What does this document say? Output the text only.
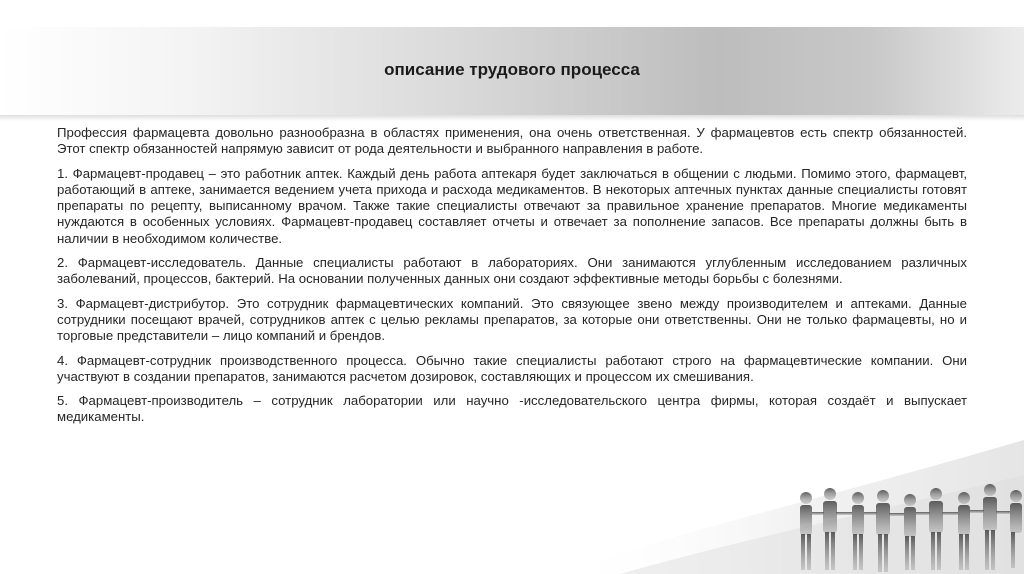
описание трудового процесса

Профессия фармацевта довольно разнообразна в областях применения, она очень ответственная. У фармацевтов есть спектр обязанностей. Этот спектр обязанностей напрямую зависит от рода деятельности и выбранного направления в работе.

1. Фармацевт-продавец – это работник аптек. Каждый день работа аптекаря будет заключаться в общении с людьми. Помимо этого, фармацевт, работающий в аптеке, занимается ведением учета прихода и расхода медикаментов. В некоторых аптечных пунктах данные специалисты готовят препараты по рецепту, выписанному врачом. Также такие специалисты отвечают за правильное хранение препаратов. Многие медикаменты нуждаются в особенных условиях. Фармацевт-продавец составляет отчеты и отвечает за пополнение запасов. Все препараты должны быть в наличии в необходимом количестве.

2. Фармацевт-исследователь. Данные специалисты работают в лабораториях. Они занимаются углубленным исследованием различных заболеваний, процессов, бактерий. На основании полученных данных они создают эффективные методы борьбы с болезнями.

3. Фармацевт-дистрибутор. Это сотрудник фармацевтических компаний. Это связующее звено между производителем и аптеками. Данные сотрудники посещают врачей, сотрудников аптек с целью рекламы препаратов, за которые они ответственны. Они не только фармацевты, но и торговые представители – лицо компаний и брендов.

4. Фармацевт-сотрудник производственного процесса. Обычно такие специалисты работают строго на фармацевтические компании. Они участвуют в создании препаратов, занимаются расчетом дозировок, составляющих и процессом их смешивания.

5. Фармацевт-производитель – сотрудник лаборатории или научно -исследовательского центра фирмы, которая создаёт и выпускает медикаменты.
